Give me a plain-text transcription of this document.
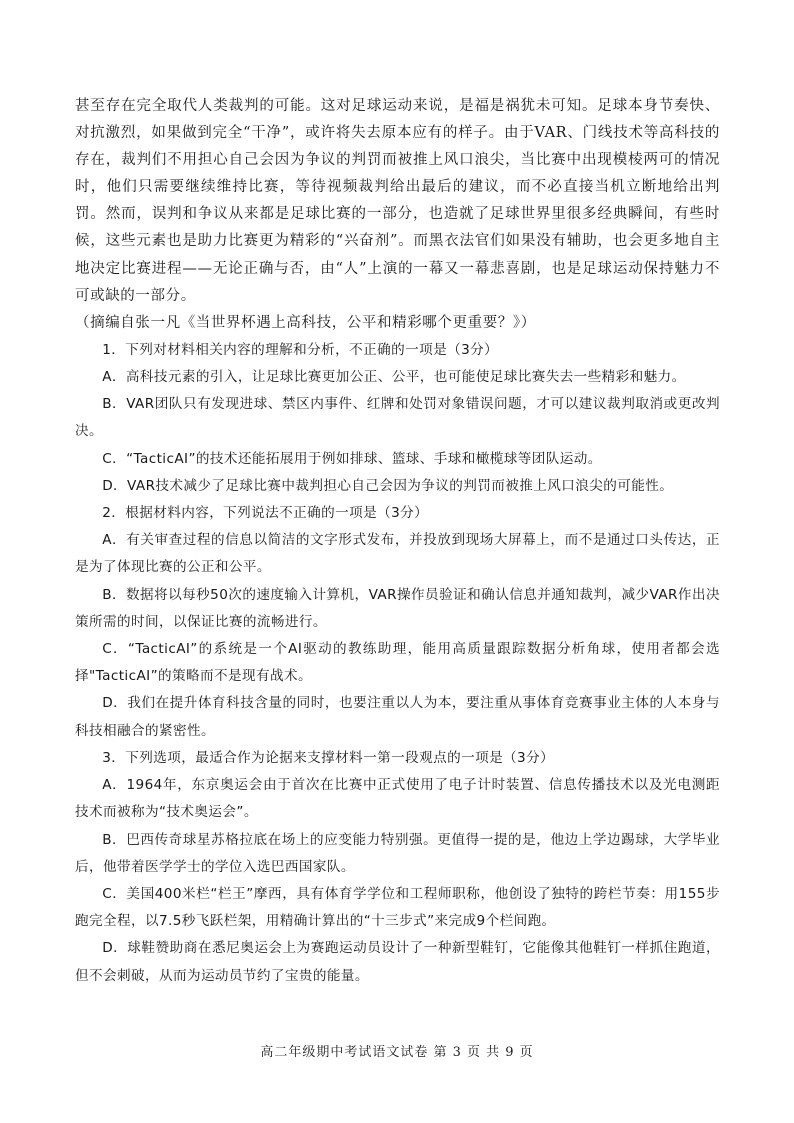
甚至存在完全取代人类裁判的可能。这对足球运动来说，是福是祸犹未可知。足球本身节奏快、对抗激烈，如果做到完全“干净”，或许将失去原本应有的样子。由于VAR、门线技术等高科技的存在，裁判们不用担心自己会因为争议的判罚而被推上风口浪尖，当比赛中出现模棱两可的情况时，他们只需要继续维持比赛，等待视频裁判给出最后的建议，而不必直接当机立断地给出判罚。然而，误判和争议从来都是足球比赛的一部分，也造就了足球世界里很多经典瞬间，有些时候，这些元素也是助力比赛更为精彩的“兴奋剂”。而黑衣法官们如果没有辅助，也会更多地自主地决定比赛进程——无论正确与否，由“人”上演的一幕又一幕悲喜剧，也是足球运动保持魅力不可或缺的一部分。

（摘编自张一凡《当世界杯遇上高科技，公平和精彩哪个更重要？》）

1．下列对材料相关内容的理解和分析，不正确的一项是（3分）

A．高科技元素的引入，让足球比赛更加公正、公平，也可能使足球比赛失去一些精彩和魅力。

B．VAR团队只有发现进球、禁区内事件、红牌和处罚对象错误问题，才可以建议裁判取消或更改判决。

C．“TacticAI”的技术还能拓展用于例如排球、篮球、手球和橄榄球等团队运动。

D．VAR技术减少了足球比赛中裁判担心自己会因为争议的判罚而被推上风口浪尖的可能性。

2．根据材料内容，下列说法不正确的一项是（3分）

A．有关审查过程的信息以简洁的文字形式发布，并投放到现场大屏幕上，而不是通过口头传达，正是为了体现比赛的公正和公平。

B．数据将以每秒50次的速度输入计算机，VAR操作员验证和确认信息并通知裁判，减少VAR作出决策所需的时间，以保证比赛的流畅进行。

C．“TacticAI”的系统是一个AI驱动的教练助理，能用高质量跟踪数据分析角球，使用者都会选择"TacticAI”的策略而不是现有战术。

D．我们在提升体育科技含量的同时，也要注重以人为本，要注重从事体育竞赛事业主体的人本身与科技相融合的紧密性。

3．下列选项，最适合作为论据来支撑材料一第一段观点的一项是（3分）

A．1964年，东京奥运会由于首次在比赛中正式使用了电子计时装置、信息传播技术以及光电测距技术而被称为“技术奥运会”。

B．巴西传奇球星苏格拉底在场上的应变能力特别强。更值得一提的是，他边上学边踢球，大学毕业后，他带着医学学士的学位入选巴西国家队。

C．美国400米栏“栏王”摩西，具有体育学学位和工程师职称，他创设了独特的跨栏节奏：用155步跑完全程，以7.5秒飞跃栏架，用精确计算出的“十三步式”来完成9个栏间跑。

D．球鞋赞助商在悉尼奥运会上为赛跑运动员设计了一种新型鞋钉，它能像其他鞋钉一样抓住跑道，但不会刺破，从而为运动员节约了宝贵的能量。

高二年级期中考试语文试卷 第 3 页 共 9 页
